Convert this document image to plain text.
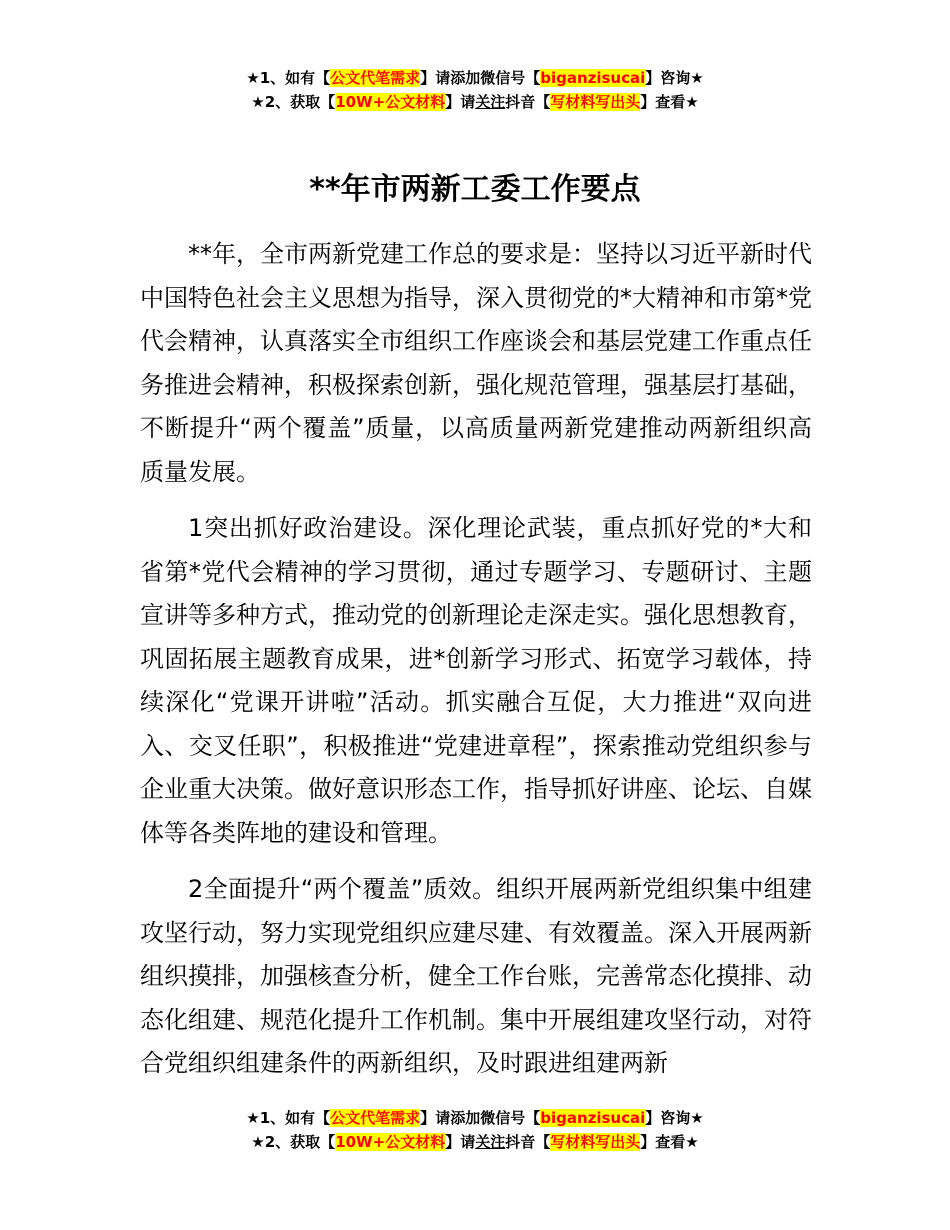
★1、如有【公文代笔需求】请添加微信号【biganzisucai】咨询★
★2、获取【10W+公文材料】请关注抖音【写材料写出头】查看★
**年市两新工委工作要点

**年，全市两新党建工作总的要求是：坚持以习近平新时代中国特色社会主义思想为指导，深入贯彻党的*大精神和市第*党代会精神，认真落实全市组织工作座谈会和基层党建工作重点任务推进会精神，积极探索创新，强化规范管理，强基层打基础，不断提升“两个覆盖”质量，以高质量两新党建推动两新组织高质量发展。

1突出抓好政治建设。深化理论武装，重点抓好党的*大和省第*党代会精神的学习贯彻，通过专题学习、专题研讨、主题宣讲等多种方式，推动党的创新理论走深走实。强化思想教育，巩固拓展主题教育成果，进*创新学习形式、拓宽学习载体，持续深化“党课开讲啦”活动。抓实融合互促，大力推进“双向进入、交叉任职”，积极推进“党建进章程”，探索推动党组织参与企业重大决策。做好意识形态工作，指导抓好讲座、论坛、自媒体等各类阵地的建设和管理。

2全面提升“两个覆盖”质效。组织开展两新党组织集中组建攻坚行动，努力实现党组织应建尽建、有效覆盖。深入开展两新组织摸排，加强核查分析，健全工作台账，完善常态化摸排、动态化组建、规范化提升工作机制。集中开展组建攻坚行动，对符合党组织组建条件的两新组织，及时跟进组建两新

★1、如有【公文代笔需求】请添加微信号【biganzisucai】咨询★
★2、获取【10W+公文材料】请关注抖音【写材料写出头】查看★
